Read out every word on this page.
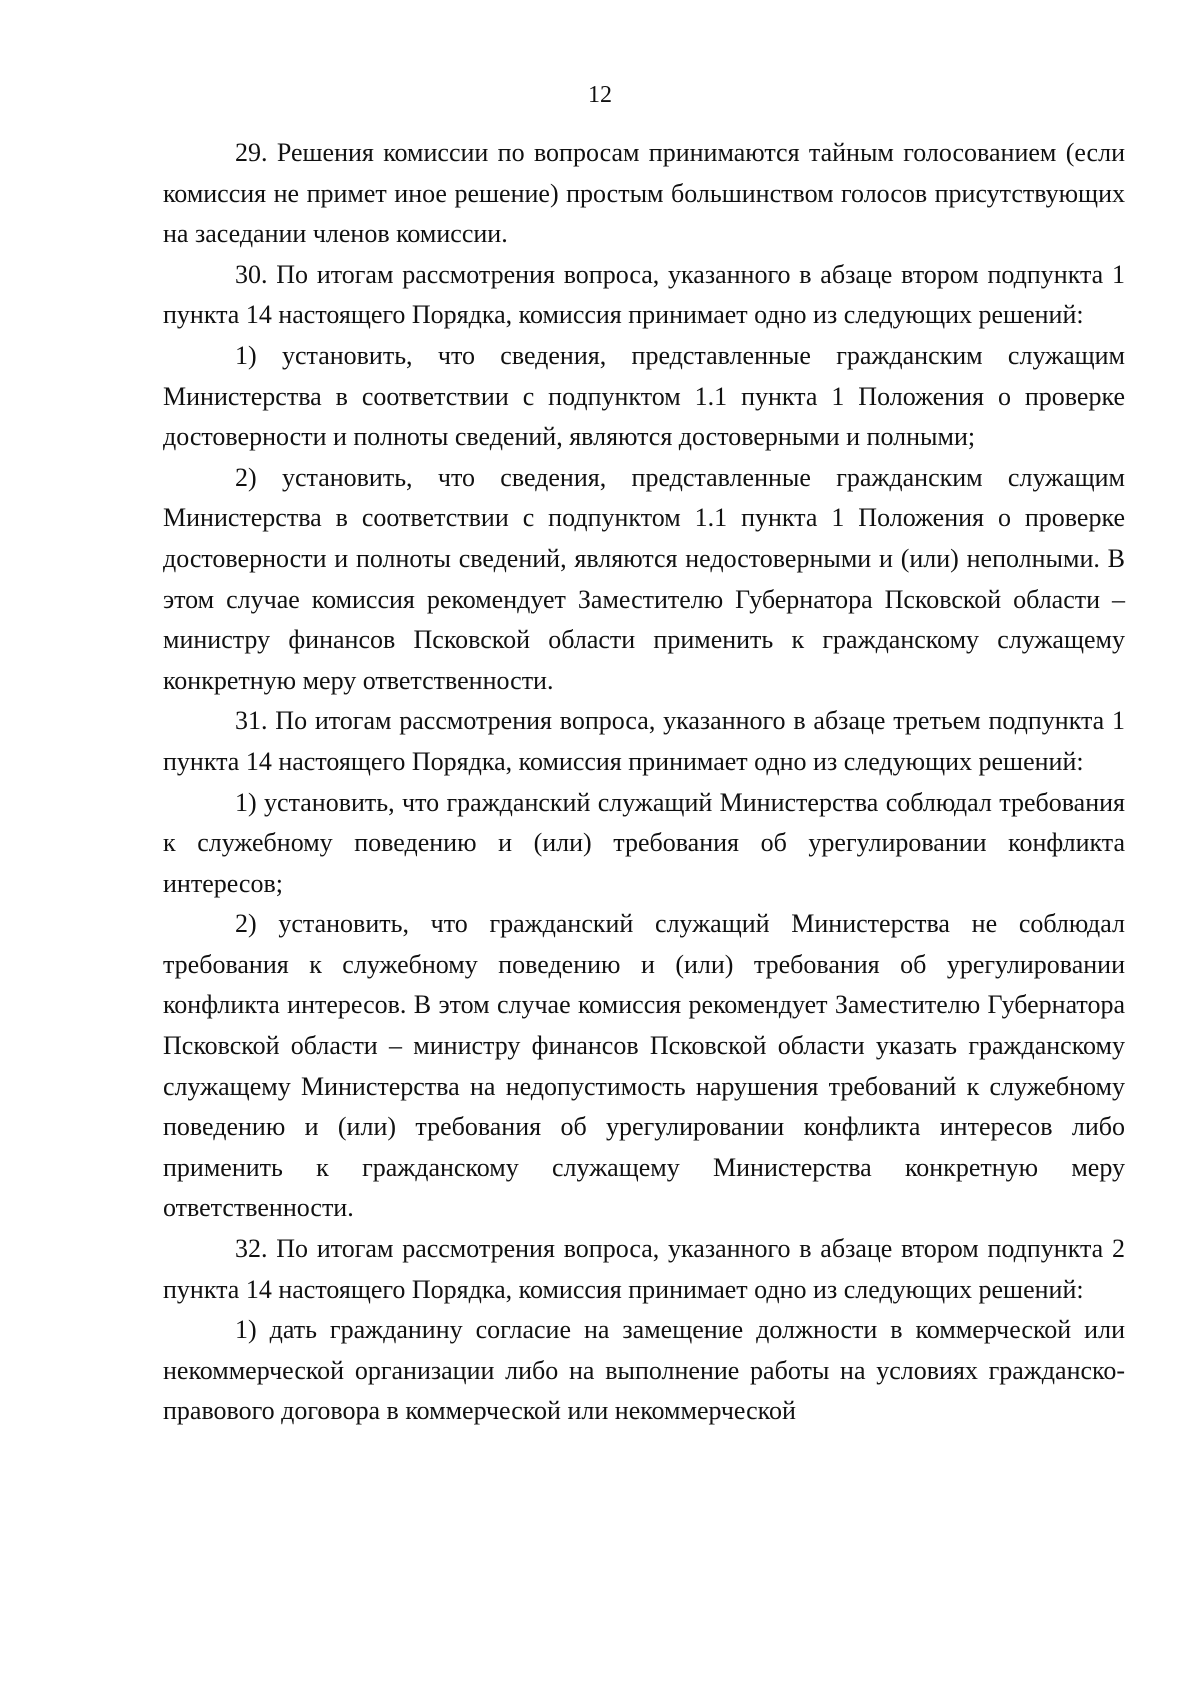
12

29. Решения комиссии по вопросам принимаются тайным голосованием (если комиссия не примет иное решение) простым большинством голосов присутствующих на заседании членов комиссии.

30. По итогам рассмотрения вопроса, указанного в абзаце втором подпункта 1 пункта 14 настоящего Порядка, комиссия принимает одно из следующих решений:

1) установить, что сведения, представленные гражданским служащим Министерства в соответствии с подпунктом 1.1 пункта 1 Положения о проверке достоверности и полноты сведений, являются достоверными и полными;

2) установить, что сведения, представленные гражданским служащим Министерства в соответствии с подпунктом 1.1 пункта 1 Положения о проверке достоверности и полноты сведений, являются недостоверными и (или) неполными. В этом случае комиссия рекомендует Заместителю Губернатора Псковской области – министру финансов Псковской области применить к гражданскому служащему конкретную меру ответственности.

31. По итогам рассмотрения вопроса, указанного в абзаце третьем подпункта 1 пункта 14 настоящего Порядка, комиссия принимает одно из следующих решений:

1) установить, что гражданский служащий Министерства соблюдал требования к служебному поведению и (или) требования об урегулировании конфликта интересов;

2) установить, что гражданский служащий Министерства не соблюдал требования к служебному поведению и (или) требования об урегулировании конфликта интересов. В этом случае комиссия рекомендует Заместителю Губернатора Псковской области – министру финансов Псковской области указать гражданскому служащему Министерства на недопустимость нарушения требований к служебному поведению и (или) требования об урегулировании конфликта интересов либо применить к гражданскому служащему Министерства конкретную меру ответственности.

32. По итогам рассмотрения вопроса, указанного в абзаце втором подпункта 2 пункта 14 настоящего Порядка, комиссия принимает одно из следующих решений:

1) дать гражданину согласие на замещение должности в коммерческой или некоммерческой организации либо на выполнение работы на условиях гражданско-правового договора в коммерческой или некоммерческой
